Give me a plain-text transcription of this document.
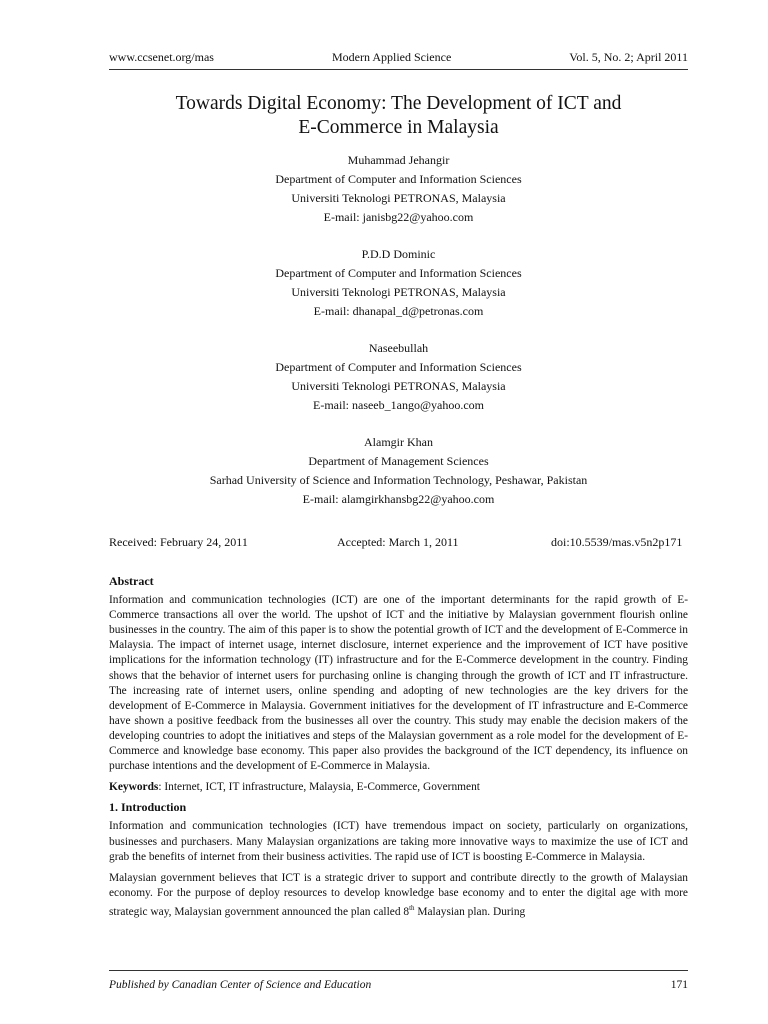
www.ccsenet.org/mas	Modern Applied Science	Vol. 5, No. 2; April 2011
Towards Digital Economy: The Development of ICT and
E-Commerce in Malaysia
Muhammad Jehangir
Department of Computer and Information Sciences
Universiti Teknologi PETRONAS, Malaysia
E-mail: janisbg22@yahoo.com
P.D.D Dominic
Department of Computer and Information Sciences
Universiti Teknologi PETRONAS, Malaysia
E-mail: dhanapal_d@petronas.com
Naseebullah
Department of Computer and Information Sciences
Universiti Teknologi PETRONAS, Malaysia
E-mail: naseeb_1ango@yahoo.com
Alamgir Khan
Department of Management Sciences
Sarhad University of Science and Information Technology, Peshawar, Pakistan
E-mail: alamgirkhansbg22@yahoo.com
Received: February 24, 2011	Accepted: March 1, 2011	doi:10.5539/mas.v5n2p171
Abstract

Information and communication technologies (ICT) are one of the important determinants for the rapid growth of E-Commerce transactions all over the world. The upshot of ICT and the initiative by Malaysian government flourish online businesses in the country. The aim of this paper is to show the potential growth of ICT and the development of E-Commerce in Malaysia. The impact of internet usage, internet disclosure, internet experience and the improvement of ICT have positive implications for the information technology (IT) infrastructure and for the E-Commerce development in the country. Finding shows that the behavior of internet users for purchasing online is changing through the growth of ICT and IT infrastructure. The increasing rate of internet users, online spending and adopting of new technologies are the key drivers for the development of E-Commerce in Malaysia. Government initiatives for the development of IT infrastructure and E-Commerce have shown a positive feedback from the businesses all over the country. This study may enable the decision makers of the developing countries to adopt the initiatives and steps of the Malaysian government as a role model for the development of E-Commerce and knowledge base economy. This paper also provides the background of the ICT dependency, its influence on purchase intentions and the development of E-Commerce in Malaysia.

Keywords: Internet, ICT, IT infrastructure, Malaysia, E-Commerce, Government
1. Introduction

Information and communication technologies (ICT) have tremendous impact on society, particularly on organizations, businesses and purchasers. Many Malaysian organizations are taking more innovative ways to maximize the use of ICT and grab the benefits of internet from their business activities. The rapid use of ICT is boosting E-Commerce in Malaysia.

Malaysian government believes that ICT is a strategic driver to support and contribute directly to the growth of Malaysian economy. For the purpose of deploy resources to develop knowledge base economy and to enter the digital age with more strategic way, Malaysian government announced the plan called 8th Malaysian plan. During

Published by Canadian Center of Science and Education	171
